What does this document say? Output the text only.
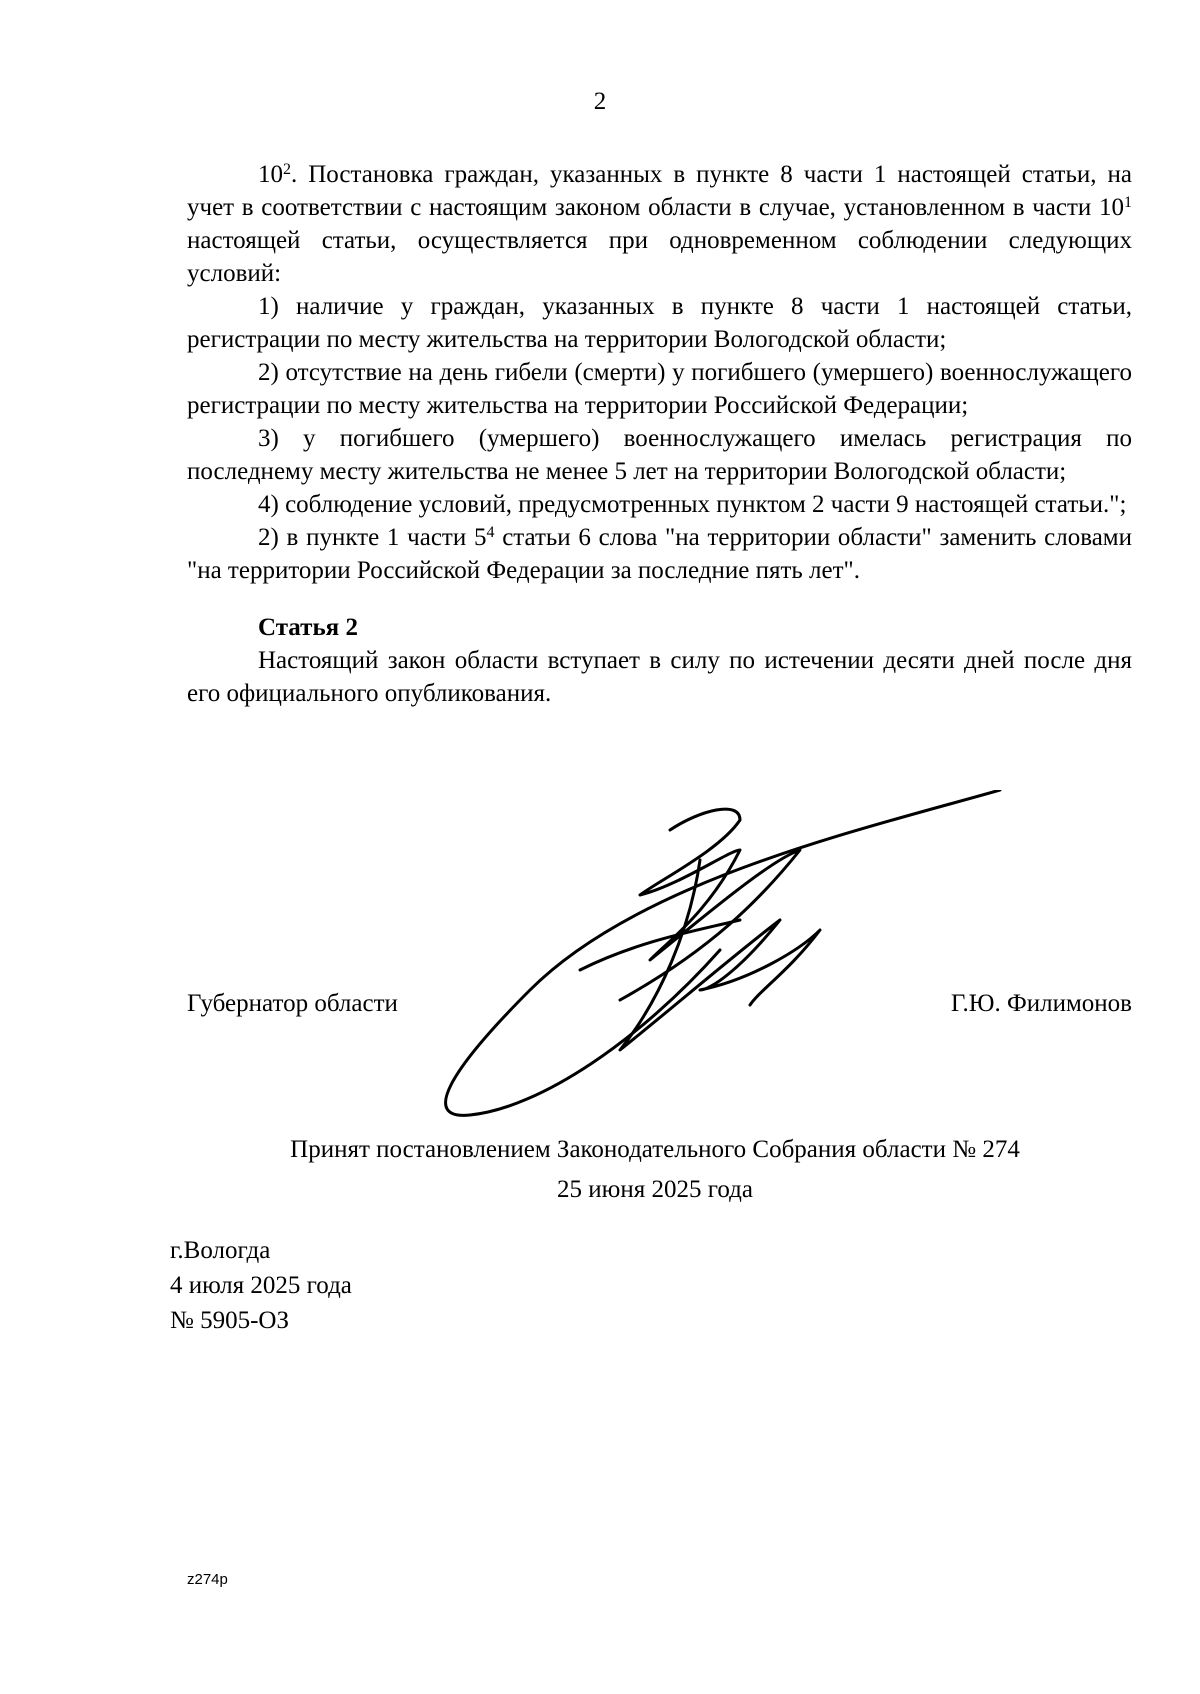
2

$10^2$. Постановка граждан, указанных в пункте 8 части 1 настоящей статьи, на учет в соответствии с настоящим законом области в случае, установленном в части $10^1$ настоящей статьи, осуществляется при одновременном соблюдении следующих условий:

1) наличие у граждан, указанных в пункте 8 части 1 настоящей статьи, регистрации по месту жительства на территории Вологодской области;

2) отсутствие на день гибели (смерти) у погибшего (умершего) военнослужащего регистрации по месту жительства на территории Российской Федерации;

3) у погибшего (умершего) военнослужащего имелась регистрация по последнему месту жительства не менее 5 лет на территории Вологодской области;

4) соблюдение условий, предусмотренных пунктом 2 части 9 настоящей статьи.";

2) в пункте 1 части $5^4$ статьи 6 слова "на территории области" заменить словами "на территории Российской Федерации за последние пять лет".

Статья 2

Настоящий закон области вступает в силу по истечении десяти дней после дня его официального опубликования.

Губернатор области	Г.Ю. Филимонов
Принят постановлением Законодательного Собрания области № 274
25 июня 2025 года
г.Вологда
4 июля 2025 года
№ 5905-ОЗ
z274p
